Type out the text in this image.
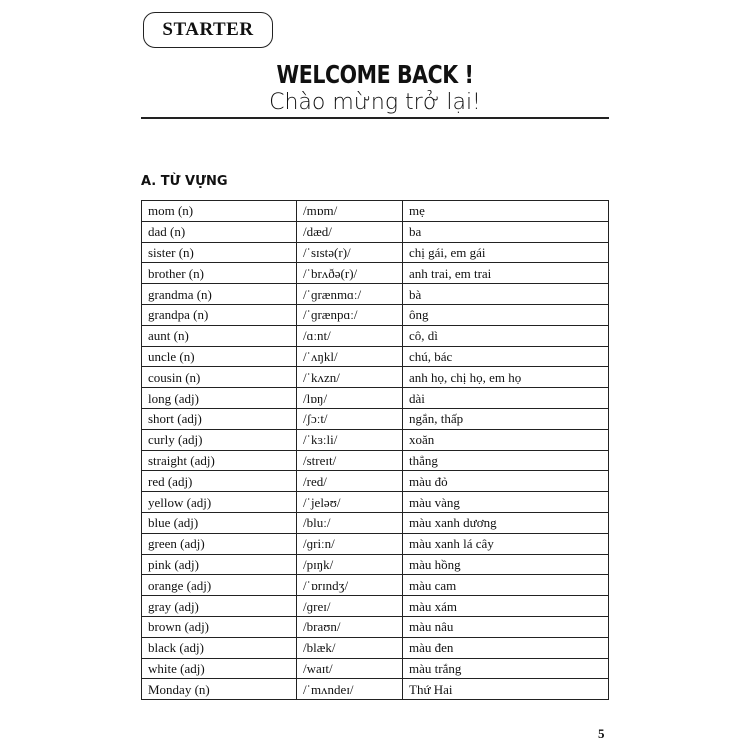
STARTER
WELCOME BACK !
Chào mừng trở lại!
A. TỪ VỰNG
mom (n)	/mɒm/	mẹ
dad (n)	/dæd/	ba
sister (n)	/ˈsɪstə(r)/	chị gái, em gái
brother (n)	/ˈbrʌðə(r)/	anh trai, em trai
grandma (n)	/ˈɡrænmɑː/	bà
grandpa (n)	/ˈɡrænpɑː/	ông
aunt (n)	/ɑːnt/	cô, dì
uncle (n)	/ˈʌŋkl/	chú, bác
cousin (n)	/ˈkʌzn/	anh họ, chị họ, em họ
long (adj)	/lɒŋ/	dài
short (adj)	/ʃɔːt/	ngắn, thấp
curly (adj)	/ˈkɜːli/	xoăn
straight (adj)	/streɪt/	thẳng
red (adj)	/red/	màu đỏ
yellow (adj)	/ˈjeləʊ/	màu vàng
blue (adj)	/bluː/	màu xanh dương
green (adj)	/ɡriːn/	màu xanh lá cây
pink (adj)	/pɪŋk/	màu hồng
orange (adj)	/ˈɒrɪndʒ/	màu cam
gray (adj)	/ɡreɪ/	màu xám
brown (adj)	/braʊn/	màu nâu
black (adj)	/blæk/	màu đen
white (adj)	/waɪt/	màu trắng
Monday (n)	/ˈmʌndeɪ/	Thứ Hai
5
